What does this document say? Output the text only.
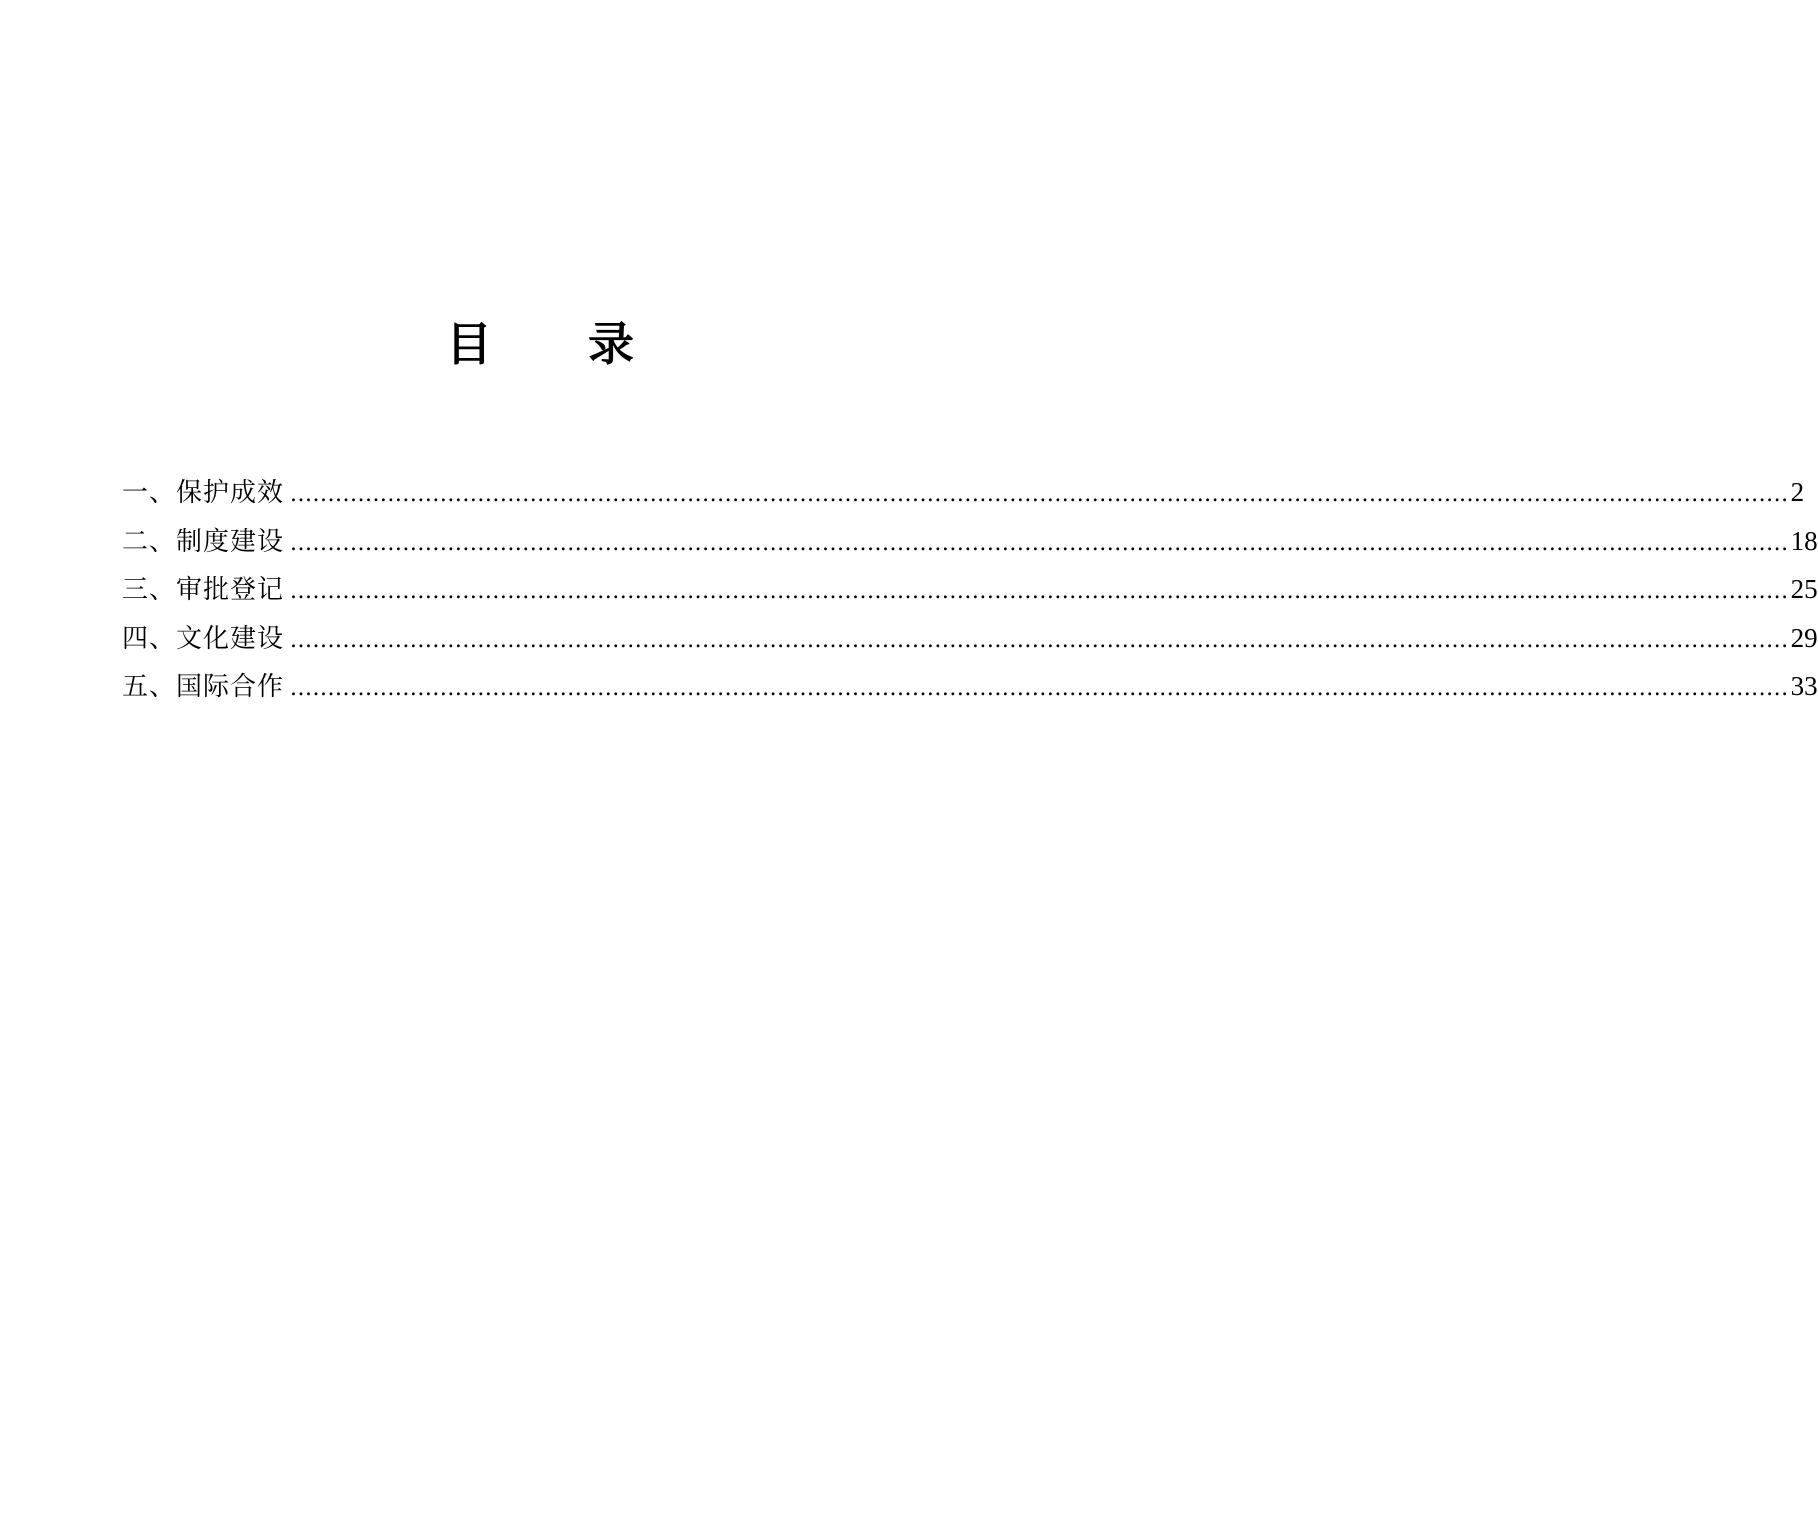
目 录
一、保护成效 ........................................................................................................................................................................................................ 2
二、制度建设 ........................................................................................................................................................................................................ 18
三、审批登记 ........................................................................................................................................................................................................ 25
四、文化建设 ........................................................................................................................................................................................................ 29
五、国际合作 ........................................................................................................................................................................................................ 33
